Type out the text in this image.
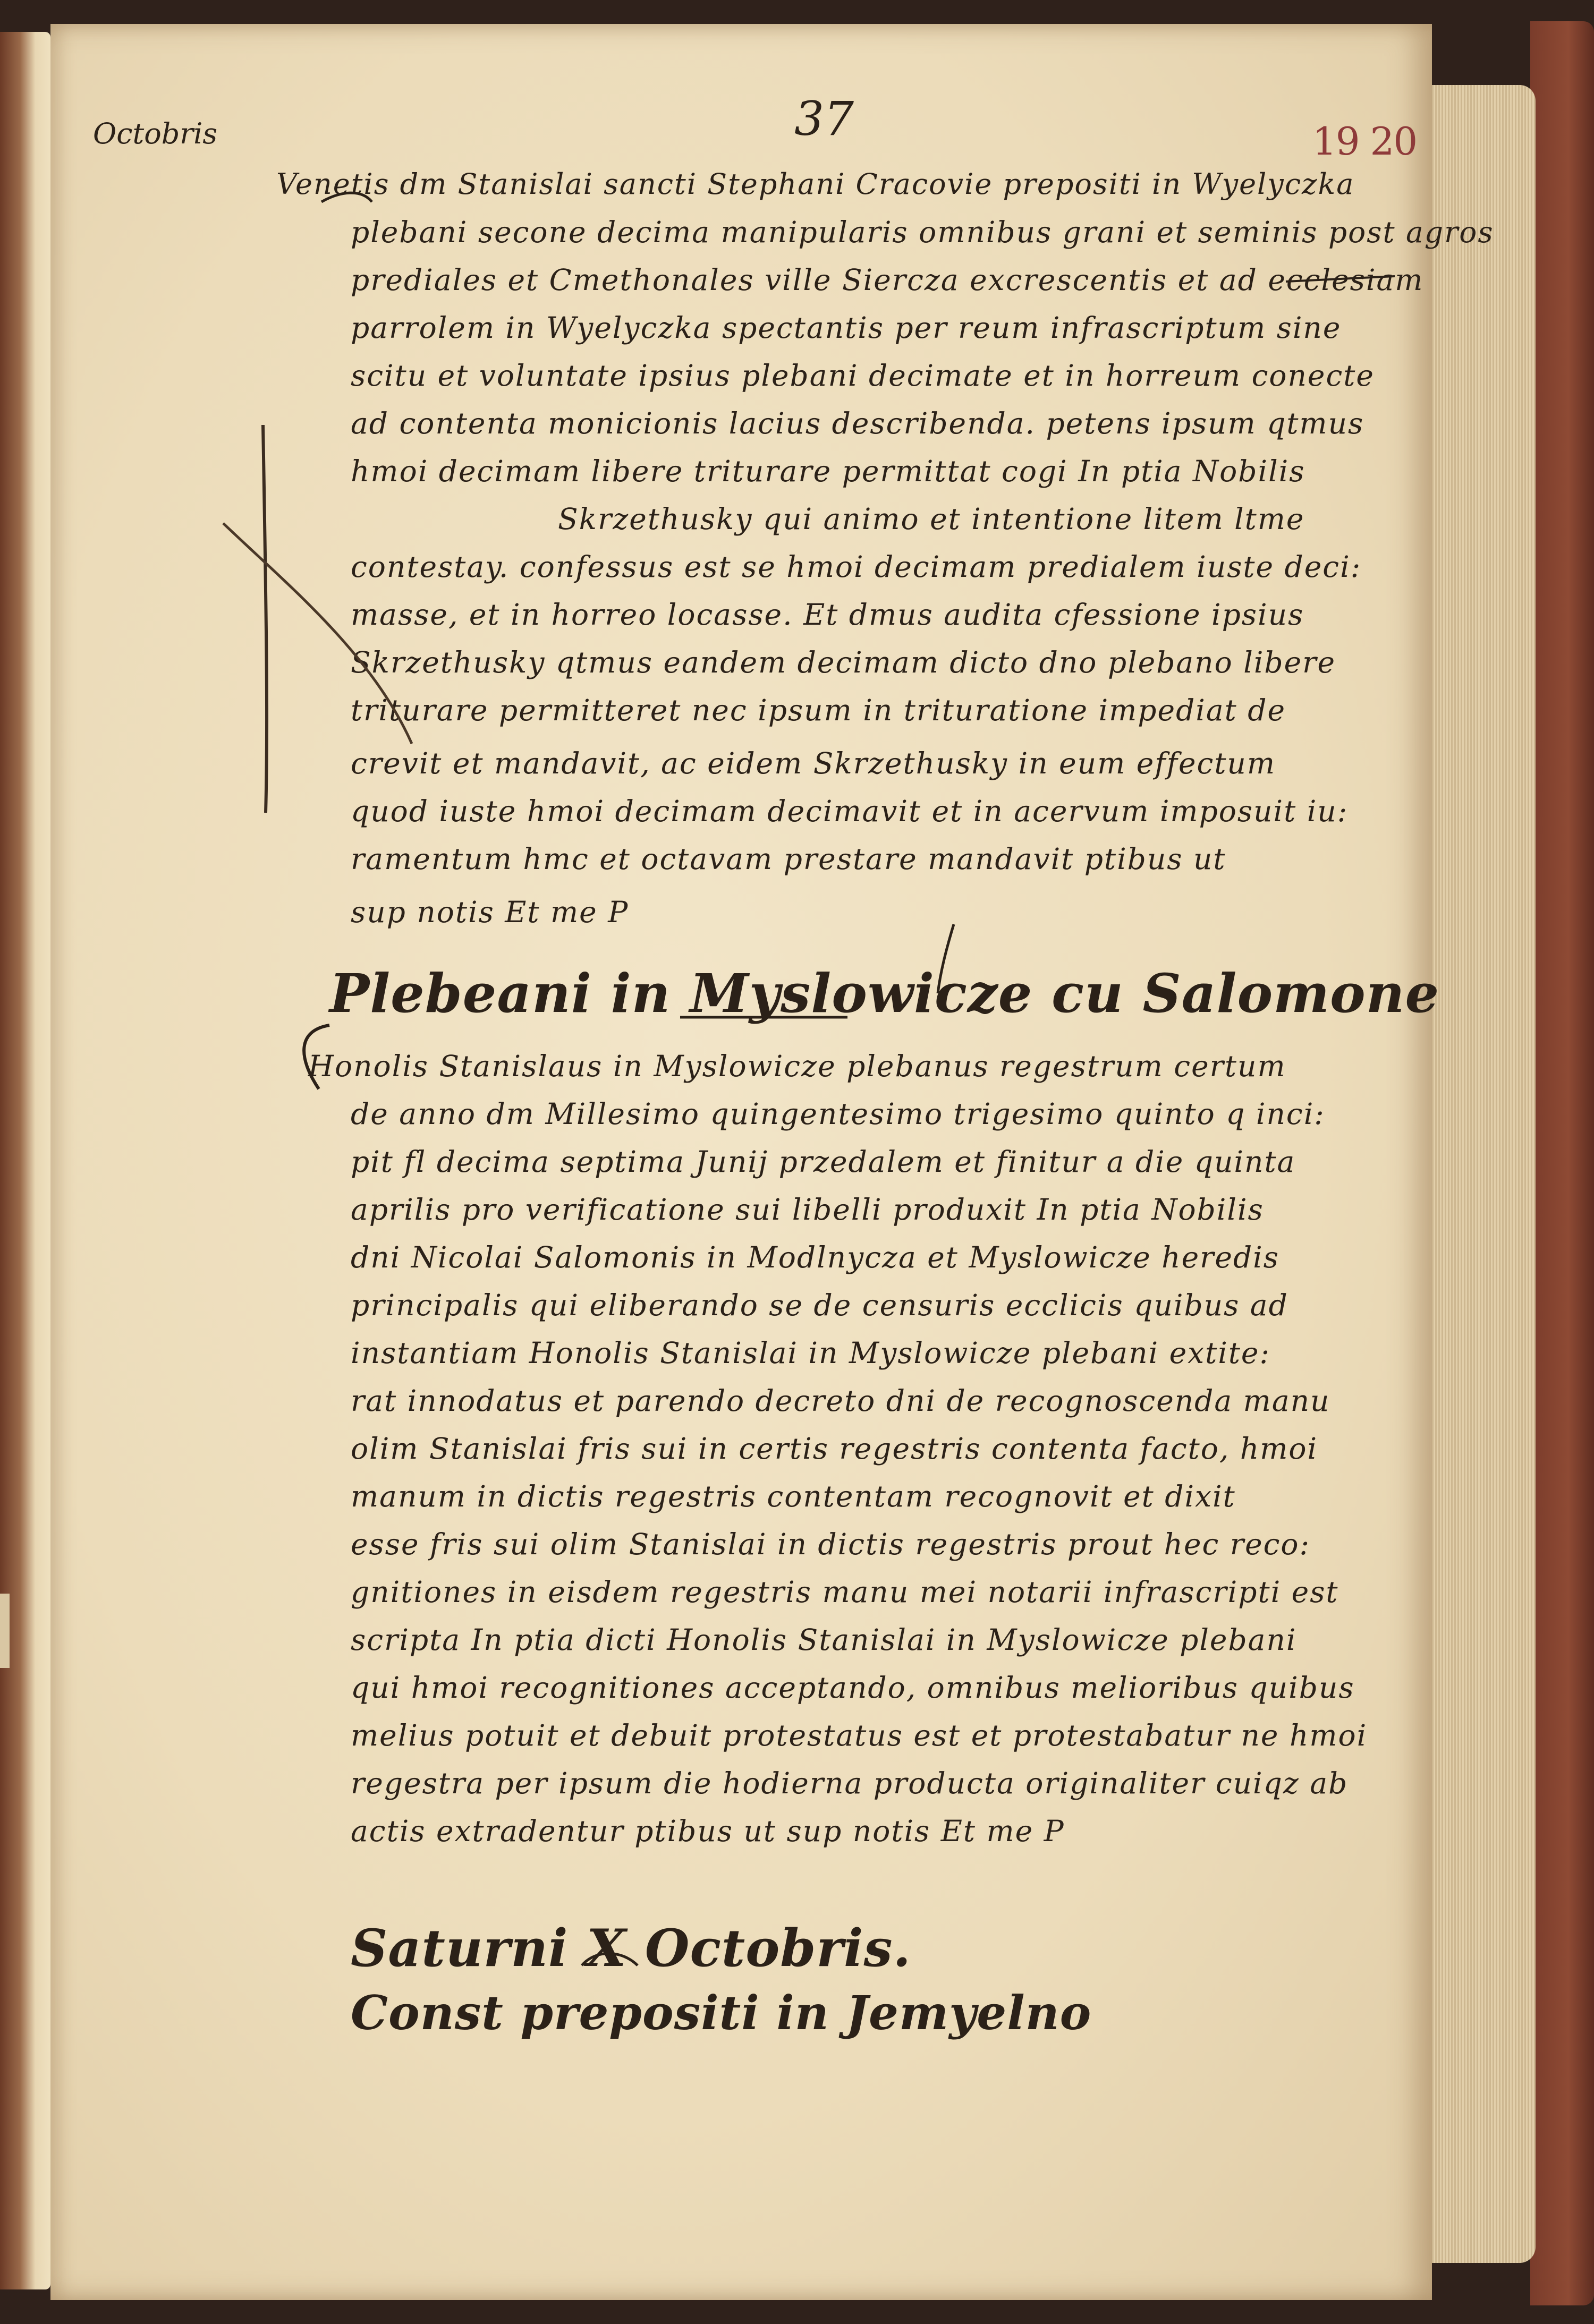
Octobris	37	19 20
Venetis dm Stanislai sancti Stephani Cracovie prepositi in Wyelyczka
plebani secone decima manipularis omnibus grani et seminis post agros
prediales et Cmethonales ville Siercza excrescentis et ad ecclesiam
parrolem in Wyelyczka spectantis per reum infrascriptum sine
scitu et voluntate ipsius plebani decimate et in horreum conecte
ad contenta monicionis lacius describenda. petens ipsum qtmus
hmoi decimam libere triturare permittat cogi In ptia Nobilis
Skrzethusky qui animo et intentione litem ltme
contestay. confessus est se hmoi decimam predialem iuste deci:
masse, et in horreo locasse. Et dmus audita cfessione ipsius
Skrzethusky qtmus eandem decimam dicto dno plebano libere
triturare permitteret nec ipsum in trituratione impediat de
crevit et mandavit, ac eidem Skrzethusky in eum effectum
quod iuste hmoi decimam decimavit et in acervum imposuit iu:
ramentum hmc et octavam prestare mandavit ptibus ut
sup notis Et me P
Plebeani in Myslowicze cu Salomone
Honolis Stanislaus in Myslowicze plebanus regestrum certum
de anno dm Millesimo quingentesimo trigesimo quinto q inci:
pit fl decima septima Junij przedalem et finitur a die quinta
aprilis pro verificatione sui libelli produxit In ptia Nobilis
dni Nicolai Salomonis in Modlnycza et Myslowicze heredis
principalis qui eliberando se de censuris ecclicis quibus ad
instantiam Honolis Stanislai in Myslowicze plebani extite:
rat innodatus et parendo decreto dni de recognoscenda manu
olim Stanislai fris sui in certis regestris contenta facto, hmoi
manum in dictis regestris contentam recognovit et dixit
esse fris sui olim Stanislai in dictis regestris prout hec reco:
gnitiones in eisdem regestris manu mei notarii infrascripti est
scripta In ptia dicti Honolis Stanislai in Myslowicze plebani
qui hmoi recognitiones acceptando, omnibus melioribus quibus
melius potuit et debuit protestatus est et protestabatur ne hmoi
regestra per ipsum die hodierna producta originaliter cuiqz ab
actis extradentur ptibus ut sup notis Et me P
Saturni X Octobris.
Const prepositi in Jemyelno
